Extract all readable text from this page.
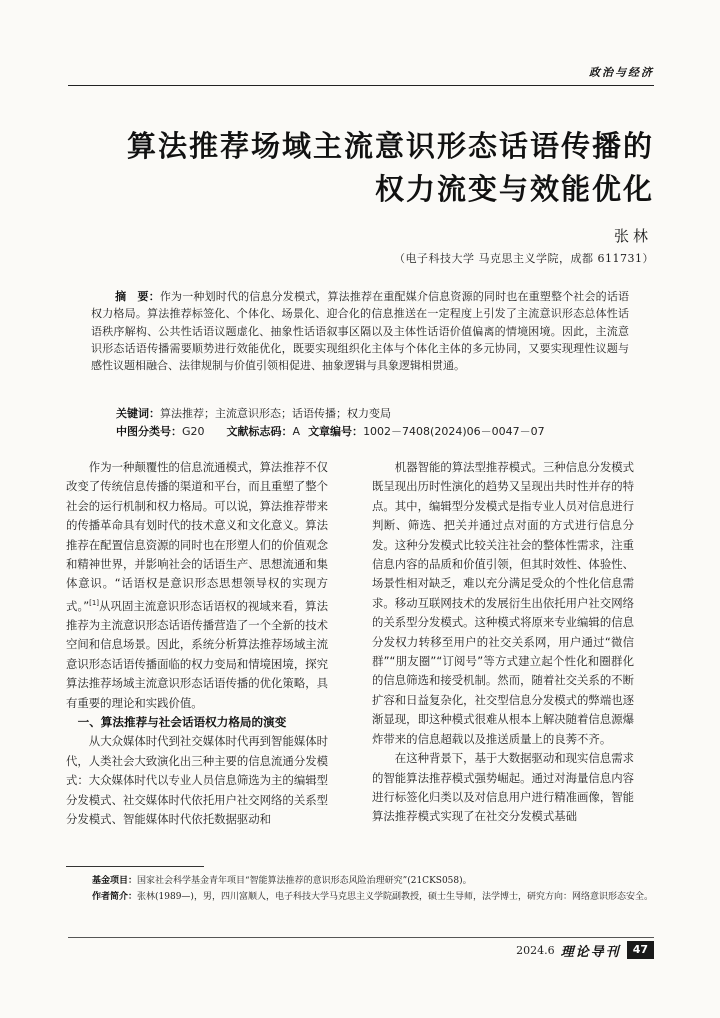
政治与经济
算法推荐场域主流意识形态话语传播的
权力流变与效能优化
张林
（电子科技大学 马克思主义学院，成都 611731）
摘　要：作为一种划时代的信息分发模式，算法推荐在重配媒介信息资源的同时也在重塑整个社会的话语权力格局。算法推荐标签化、个体化、场景化、迎合化的信息推送在一定程度上引发了主流意识形态总体性话语秩序解构、公共性话语议题虚化、抽象性话语叙事区隔以及主体性话语价值偏离的情境困境。因此，主流意识形态话语传播需要顺势进行效能优化，既要实现组织化主体与个体化主体的多元协同，又要实现理性议题与感性议题相融合、法律规制与价值引领相促进、抽象逻辑与具象逻辑相贯通。
关键词：算法推荐；主流意识形态；话语传播；权力变局
中图分类号：G20 文献标志码：A 文章编号：1002－7408(2024)06－0047－07

作为一种颠覆性的信息流通模式，算法推荐不仅改变了传统信息传播的渠道和平台，而且重塑了整个社会的运行机制和权力格局。可以说，算法推荐带来的传播革命具有划时代的技术意义和文化意义。算法推荐在配置信息资源的同时也在形塑人们的价值观念和精神世界，并影响社会的话语生产、思想流通和集体意识。“话语权是意识形态思想领导权的实现方式。”[1]从巩固主流意识形态话语权的视域来看，算法推荐为主流意识形态话语传播营造了一个全新的技术空间和信息场景。因此，系统分析算法推荐场域主流意识形态话语传播面临的权力变局和情境困境，探究算法推荐场域主流意识形态话语传播的优化策略，具有重要的理论和实践价值。

一、算法推荐与社会话语权力格局的演变

从大众媒体时代到社交媒体时代再到智能媒体时代，人类社会大致演化出三种主要的信息流通分发模式：大众媒体时代以专业人员信息筛选为主的编辑型分发模式、社交媒体时代依托用户社交网络的关系型分发模式、智能媒体时代依托数据驱动和

机器智能的算法型推荐模式。三种信息分发模式既呈现出历时性演化的趋势又呈现出共时性并存的特点。其中，编辑型分发模式是指专业人员对信息进行判断、筛选、把关并通过点对面的方式进行信息分发。这种分发模式比较关注社会的整体性需求，注重信息内容的品质和价值引领，但其时效性、体验性、场景性相对缺乏，难以充分满足受众的个性化信息需求。移动互联网技术的发展衍生出依托用户社交网络的关系型分发模式。这种模式将原来专业编辑的信息分发权力转移至用户的社交关系网，用户通过“微信群”“朋友圈”“订阅号”等方式建立起个性化和圈群化的信息筛选和接受机制。然而，随着社交关系的不断扩容和日益复杂化，社交型信息分发模式的弊端也逐渐显现，即这种模式很难从根本上解决随着信息源爆炸带来的信息超载以及推送质量上的良莠不齐。

在这种背景下，基于大数据驱动和现实信息需求的智能算法推荐模式强势崛起。通过对海量信息内容进行标签化归类以及对信息用户进行精准画像，智能算法推荐模式实现了在社交分发模式基础

基金项目：国家社会科学基金青年项目“智能算法推荐的意识形态风险治理研究”(21CKS058)。
作者简介：张林(1989—)，男，四川富顺人，电子科技大学马克思主义学院副教授，硕士生导师，法学博士，研究方向：网络意识形态安全。
2024.6 理论导刊	47
